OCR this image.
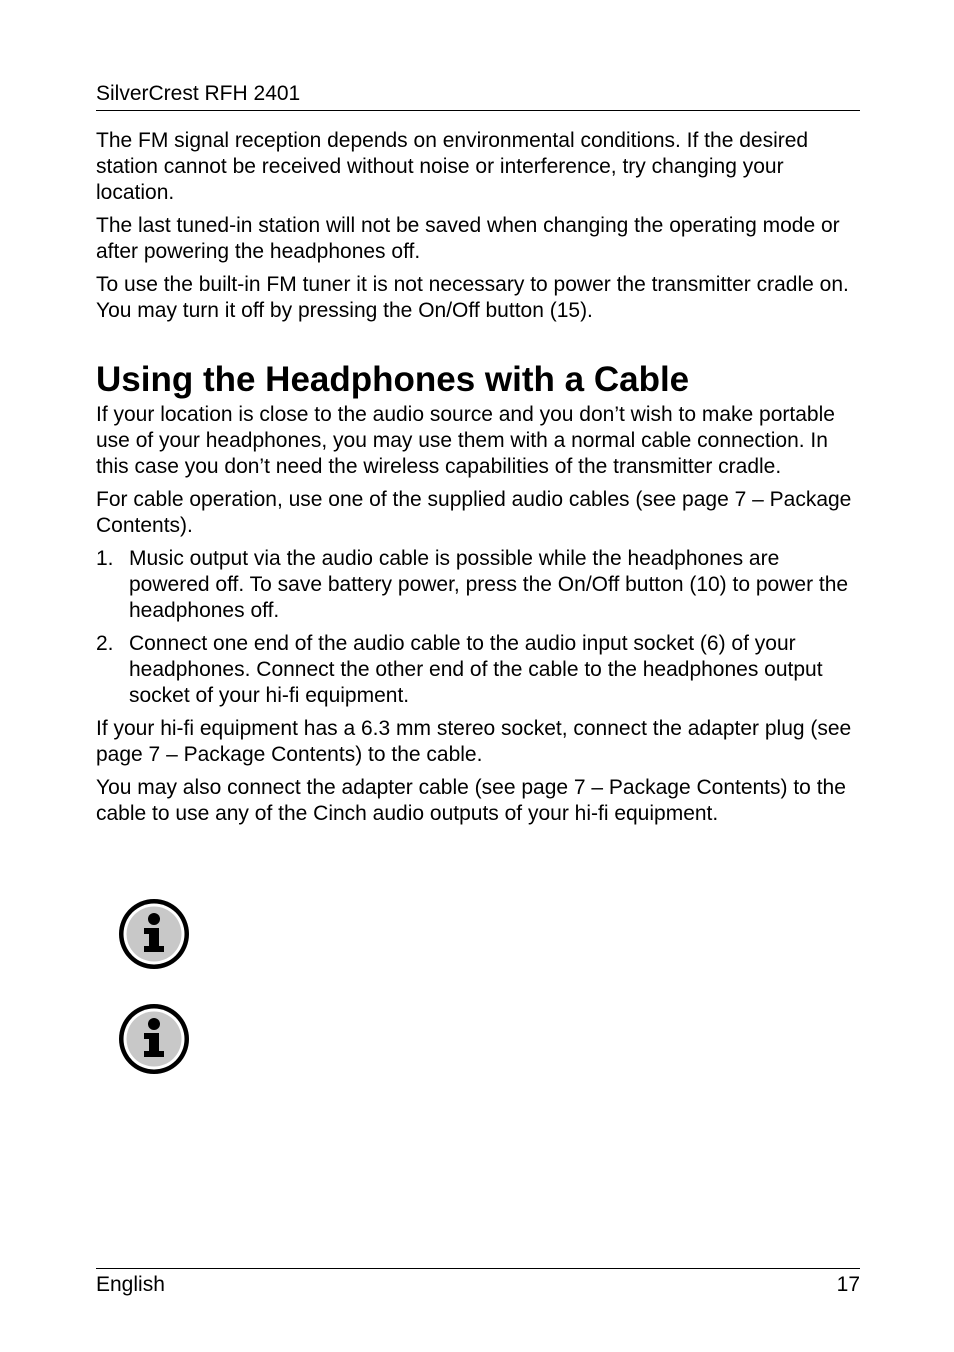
SilverCrest RFH 2401

The FM signal reception depends on environmental conditions. If the desired station cannot be received without noise or interference, try changing your location.

The last tuned-in station will not be saved when changing the operating mode or after powering the headphones off.

To use the built-in FM tuner it is not necessary to power the transmitter cradle on. You may turn it off by pressing the On/Off button (15).

Using the Headphones with a Cable

If your location is close to the audio source and you don’t wish to make portable use of your headphones, you may use them with a normal cable connection. In this case you don’t need the wireless capabilities of the transmitter cradle.

For cable operation, use one of the supplied audio cables (see page 7 – Package Contents).

1. Music output via the audio cable is possible while the headphones are powered off. To save battery power, press the On/Off button (10) to power the headphones off.
2. Connect one end of the audio cable to the audio input socket (6) of your headphones. Connect the other end of the cable to the headphones output socket of your hi-fi equipment.

If your hi-fi equipment has a 6.3 mm stereo socket, connect the adapter plug (see page 7 – Package Contents) to the cable.

You may also connect the adapter cable (see page 7 – Package Contents) to the cable to use any of the Cinch audio outputs of your hi-fi equipment.

English	17
